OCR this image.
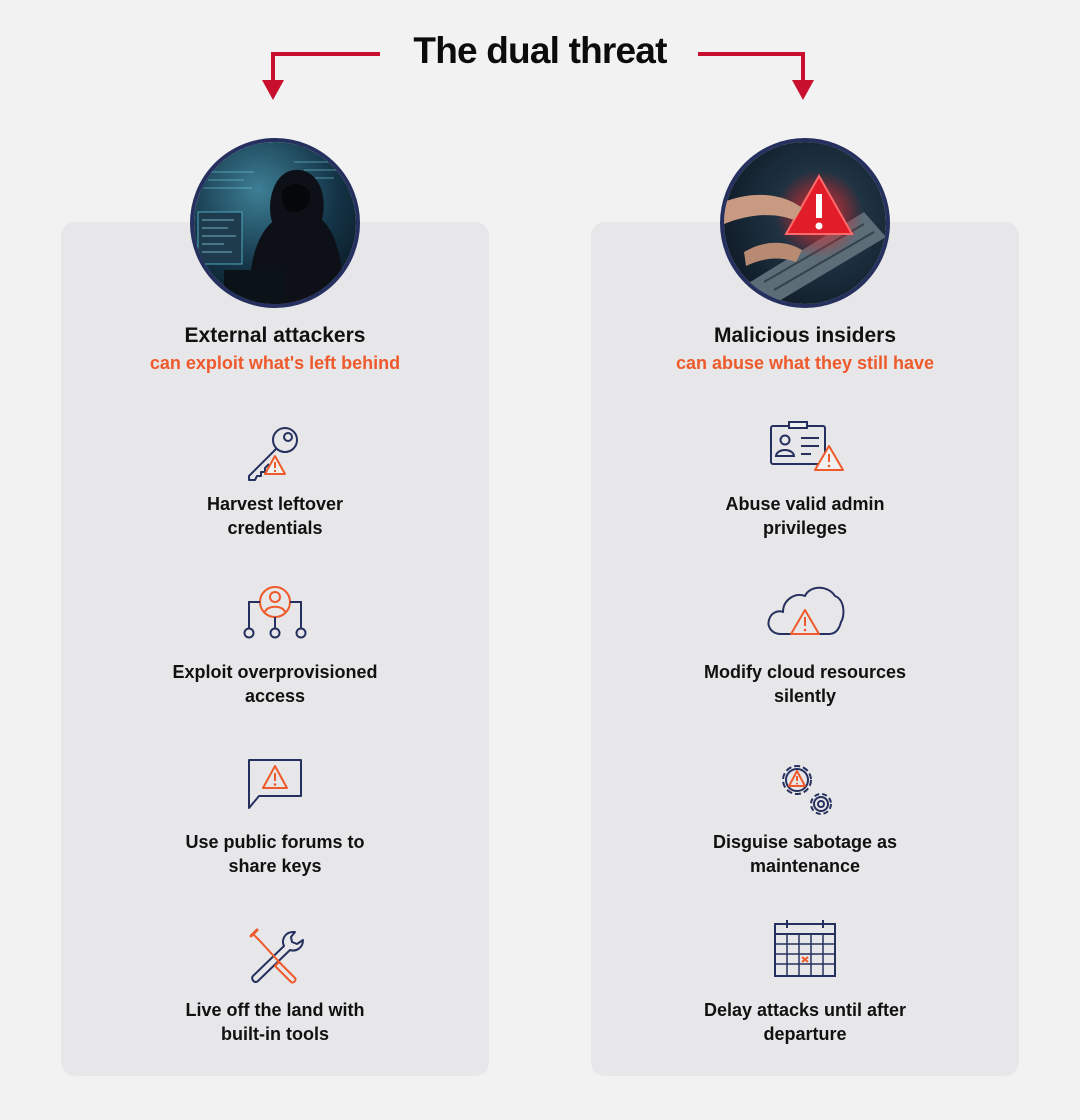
The dual threat
External attackers
can exploit what's left behind
Harvest leftover
credentials
Exploit overprovisioned
access
Use public forums to
share keys
Live off the land with
built-in tools
Malicious insiders
can abuse what they still have
Abuse valid admin
privileges
Modify cloud resources
silently
Disguise sabotage as
maintenance
Delay attacks until after
departure
